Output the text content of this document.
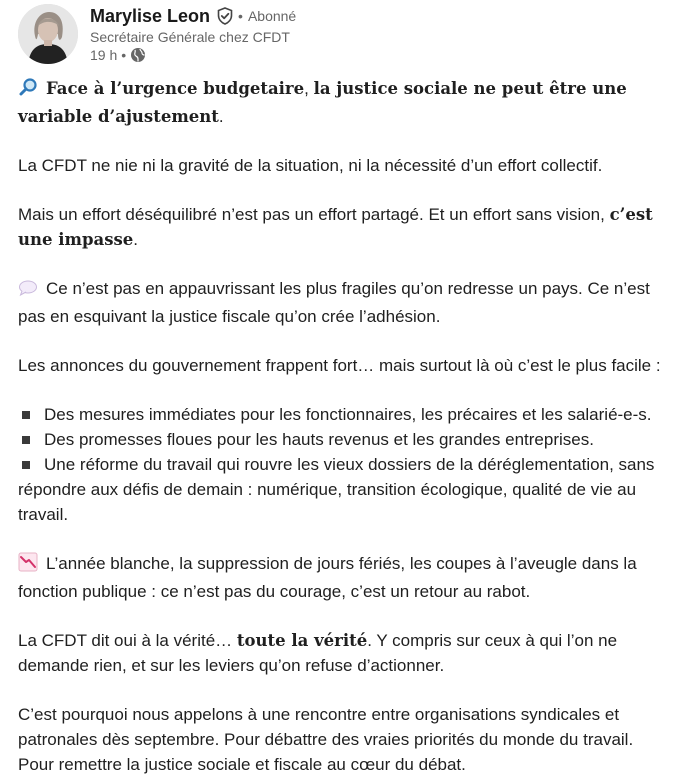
Marylise Leon • Abonné
Secrétaire Générale chez CFDT
19 h •

Face à l’urgence budgetaire, la justice sociale ne peut être une variable d’ajustement.

La CFDT ne nie ni la gravité de la situation, ni la nécessité d’un effort collectif.

Mais un effort déséquilibré n’est pas un effort partagé. Et un effort sans vision, c’est une impasse.

Ce n’est pas en appauvrissant les plus fragiles qu’on redresse un pays. Ce n’est pas en esquivant la justice fiscale qu’on crée l’adhésion.

Les annonces du gouvernement frappent fort… mais surtout là où c’est le plus facile :

Des mesures immédiates pour les fonctionnaires, les précaires et les salarié-e-s.

Des promesses floues pour les hauts revenus et les grandes entreprises.

Une réforme du travail qui rouvre les vieux dossiers de la déréglementation, sans répondre aux défis de demain : numérique, transition écologique, qualité de vie au travail.

L’année blanche, la suppression de jours fériés, les coupes à l’aveugle dans la fonction publique : ce n’est pas du courage, c’est un retour au rabot.

La CFDT dit oui à la vérité… toute la vérité. Y compris sur ceux à qui l’on ne demande rien, et sur les leviers qu’on refuse d’actionner.

C’est pourquoi nous appelons à une rencontre entre organisations syndicales et patronales dès septembre. Pour débattre des vraies priorités du monde du travail. Pour remettre la justice sociale et fiscale au cœur du débat.
